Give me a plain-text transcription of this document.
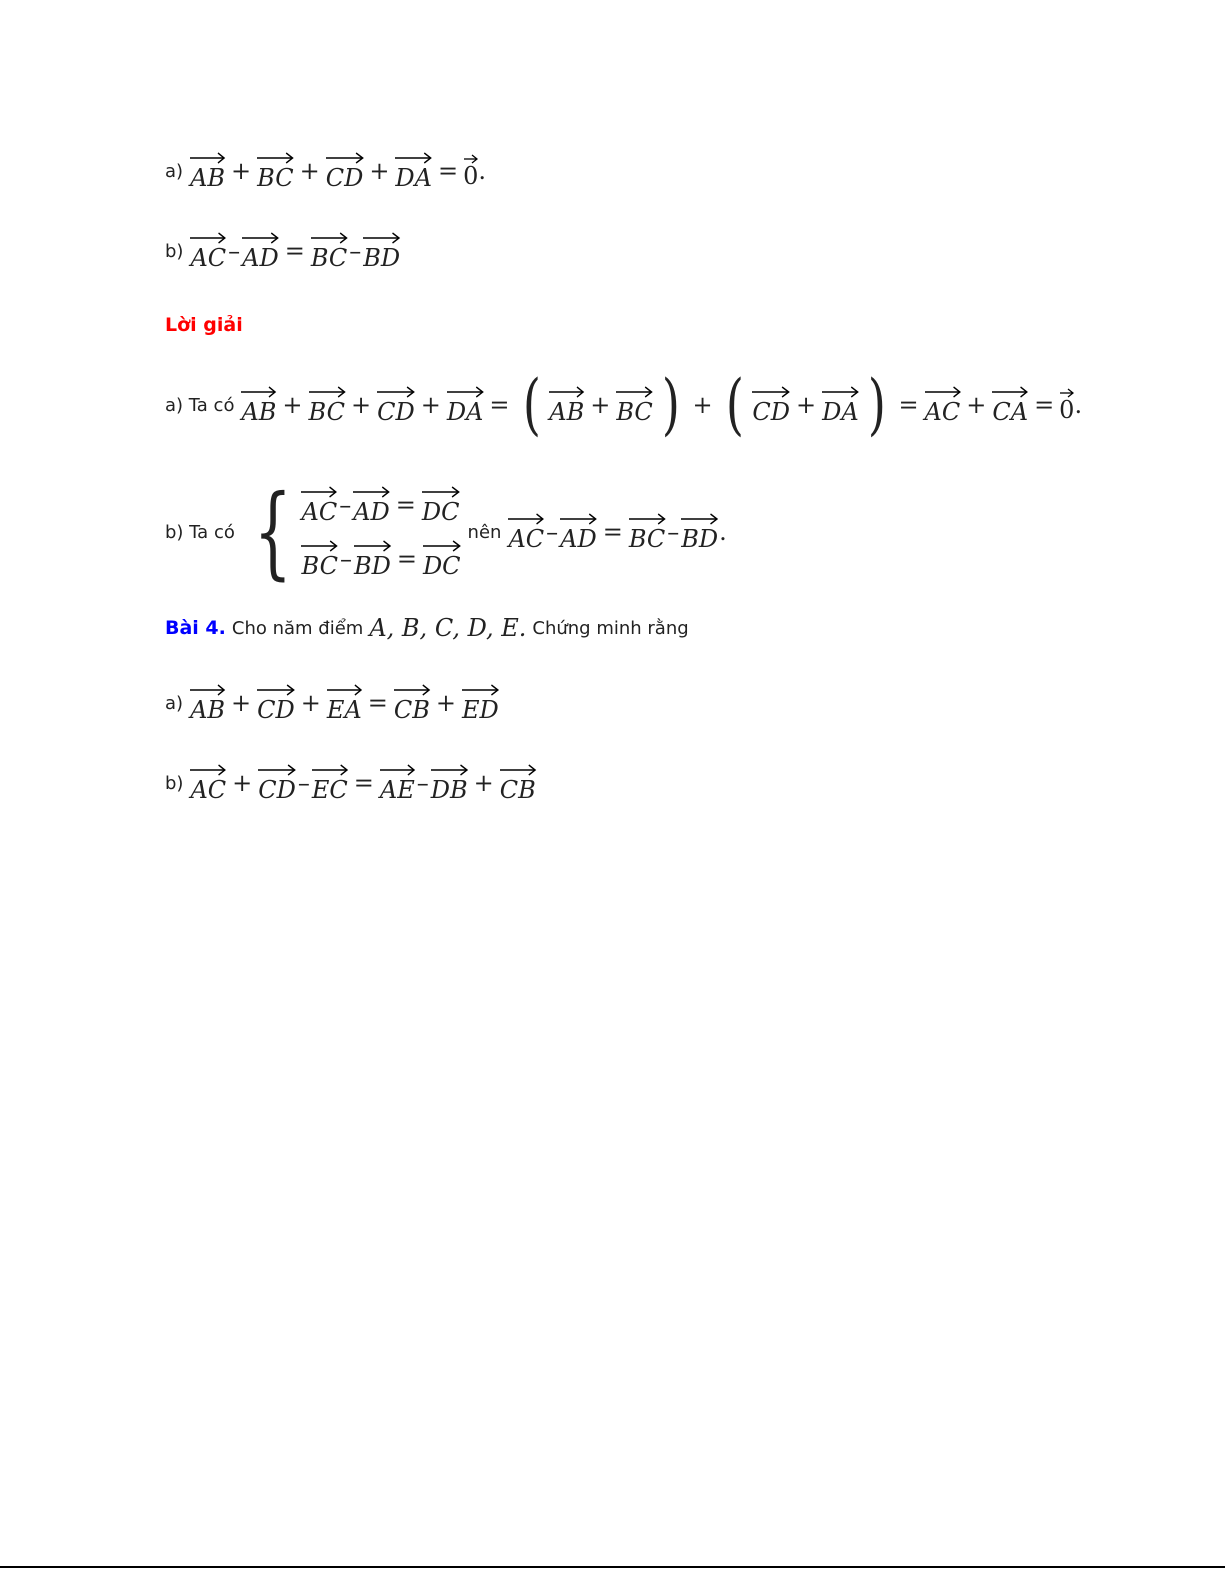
a) AB + BC + CD + DA = 0 .
b) AC – AD = BC – BD
Lời giải
a) Ta có AB + BC + CD + DA = ( AB + BC ) + ( CD + DA ) = AC + CA = 0 .
b) Ta có { AC – AD = DC
BC – BD = DC
nên AC – AD = BC – BD .
Bài 4. Cho năm điểm A, B, C, D, E. Chứng minh rằng
a) AB + CD + EA = CB + ED
b) AC + CD – EC = AE – DB + CB
